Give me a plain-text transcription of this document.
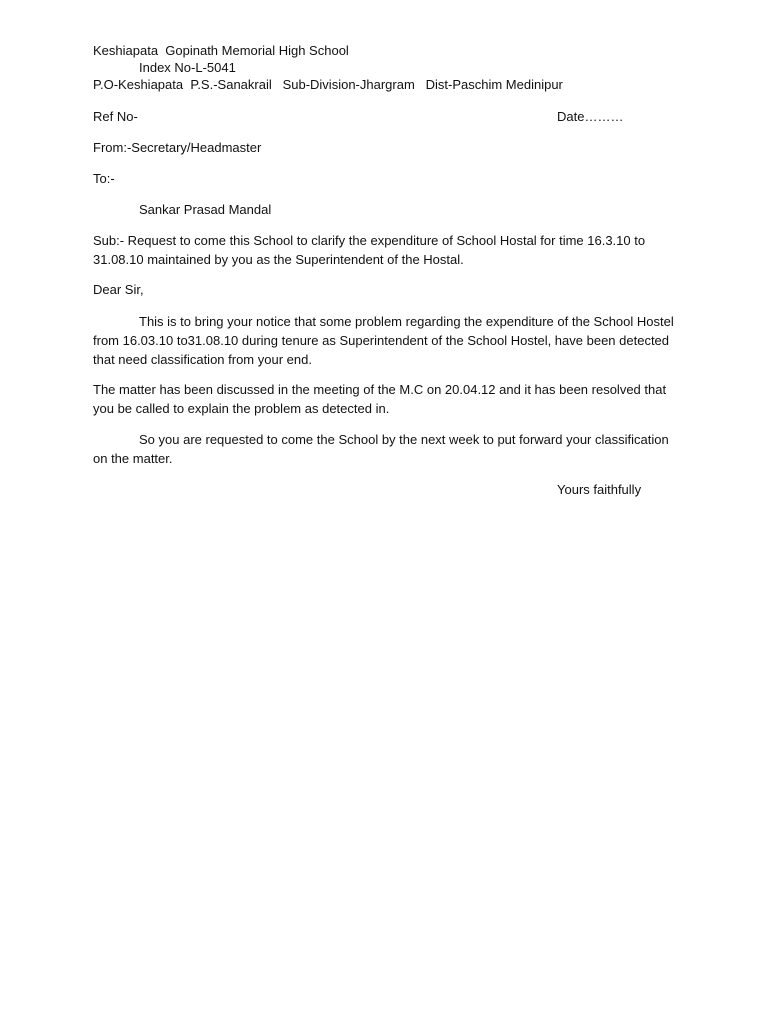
Keshiapata  Gopinath Memorial High School
Index No-L-5041
P.O-Keshiapata  P.S.-Sanakrail   Sub-Division-Jhargram   Dist-Paschim Medinipur
Ref No-	Date………
From:-Secretary/Headmaster
To:-
Sankar Prasad Mandal
Sub:- Request to come this School to clarify the expenditure of School Hostal for time 16.3.10 to 31.08.10 maintained by you as the Superintendent of the Hostal.
Dear Sir,
This is to bring your notice that some problem regarding the expenditure of the School Hostel from 16.03.10 to31.08.10 during tenure as Superintendent of the School Hostel, have been detected that need classification from your end.
The matter has been discussed in the meeting of the M.C on 20.04.12 and it has been resolved that you be called to explain the problem as detected in.
So you are requested to come the School by the next week to put forward your classification on the matter.
Yours faithfully
